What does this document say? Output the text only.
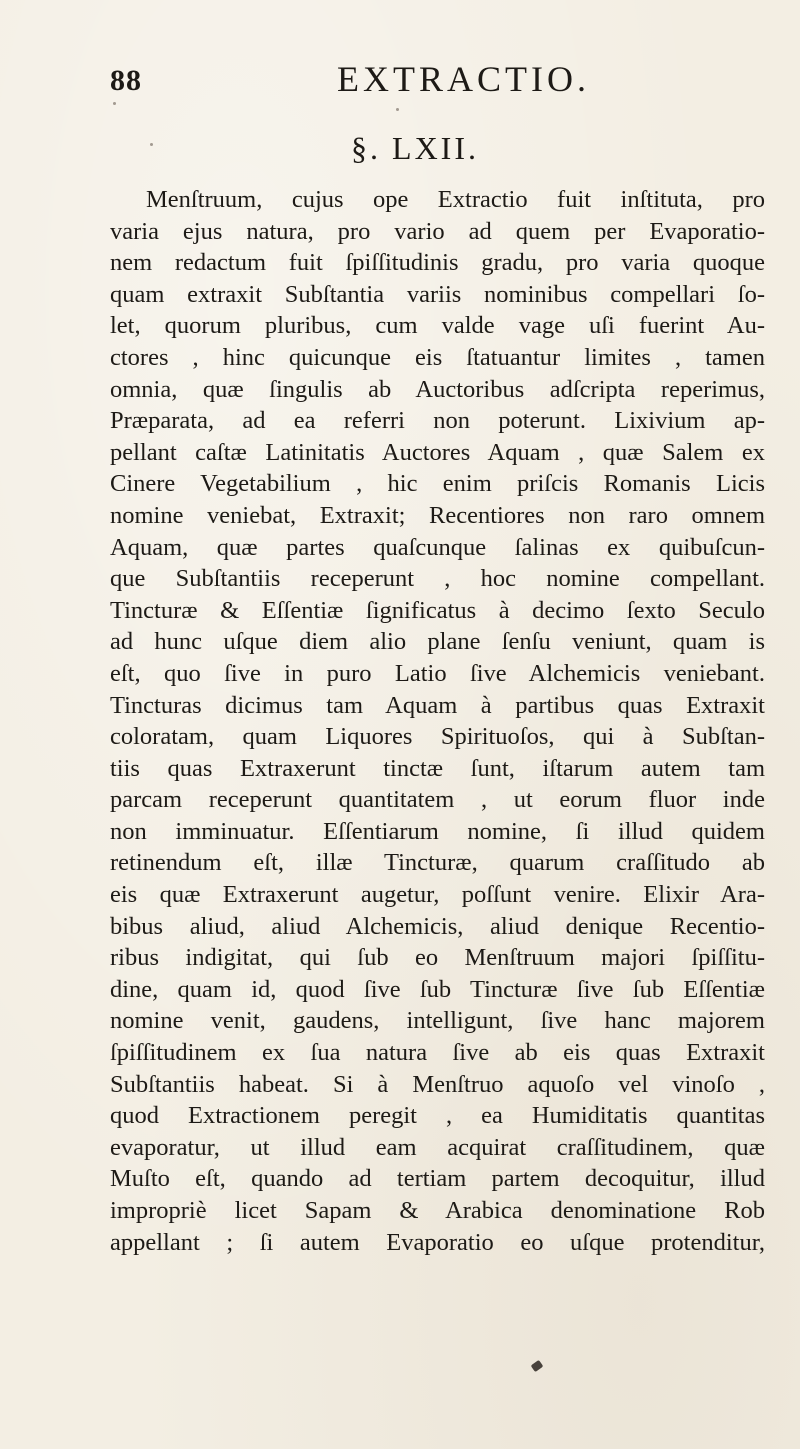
88	EXTRACTIO.
§. LXII.
Menſtruum, cujus ope Extractio fuit inſtituta, pro
varia ejus natura, pro vario ad quem per Evaporatio-
nem redactum fuit ſpiſſitudinis gradu, pro varia quoque
quam extraxit Subſtantia variis nominibus compellari ſo-
let, quorum pluribus, cum valde vage uſi fuerint Au-
ctores , hinc quicunque eis ſtatuantur limites , tamen
omnia, quæ ſingulis ab Auctoribus adſcripta reperimus,
Præparata, ad ea referri non poterunt. Lixivium ap-
pellant caſtæ Latinitatis Auctores Aquam , quæ Salem ex
Cinere Vegetabilium , hic enim priſcis Romanis Licis
nomine veniebat, Extraxit; Recentiores non raro omnem
Aquam, quæ partes quaſcunque ſalinas ex quibuſcun-
que Subſtantiis receperunt , hoc nomine compellant.
Tincturæ & Eſſentiæ ſignificatus à decimo ſexto Seculo
ad hunc uſque diem aliо plane ſenſu veniunt, quam is
eſt, quo ſive in puro Latio ſive Alchemicis veniebant.
Tincturas dicimus tam Aquam à partibus quas Extraxit
coloratam, quam Liquores Spirituoſos, qui à Subſtan-
tiis quas Extraxerunt tinctæ ſunt, iſtarum autem tam
parcam receperunt quantitatem , ut eorum fluor inde
non imminuatur. Eſſentiarum nomine, ſi illud quidem
retinendum eſt, illæ Tincturæ, quarum craſſitudo ab
eis quæ Extraxerunt augetur, poſſunt venire. Elixir Ara-
bibus aliud, aliud Alchemicis, aliud denique Recentio-
ribus indigitat, qui ſub eo Menſtruum majori ſpiſſitu-
dine, quam id, quod ſive ſub Tincturæ ſive ſub Eſſentiæ
nomine venit, gaudens, intelligunt, ſive hanc majorem
ſpiſſitudinem ex ſua natura ſive ab eis quas Extraxit
Subſtantiis habeat. Si à Menſtruo aquoſo vel vinoſo ,
quod Extractionem peregit , ea Humiditatis quantitas
evaporatur, ut illud eam acquirat craſſitudinem, quæ
Muſto eſt, quando ad tertiam partem decoquitur, illud
impropriè licet Sapam & Arabica denominatione Rob
appellant ; ſi autem Evaporatio eo uſque protenditur,
